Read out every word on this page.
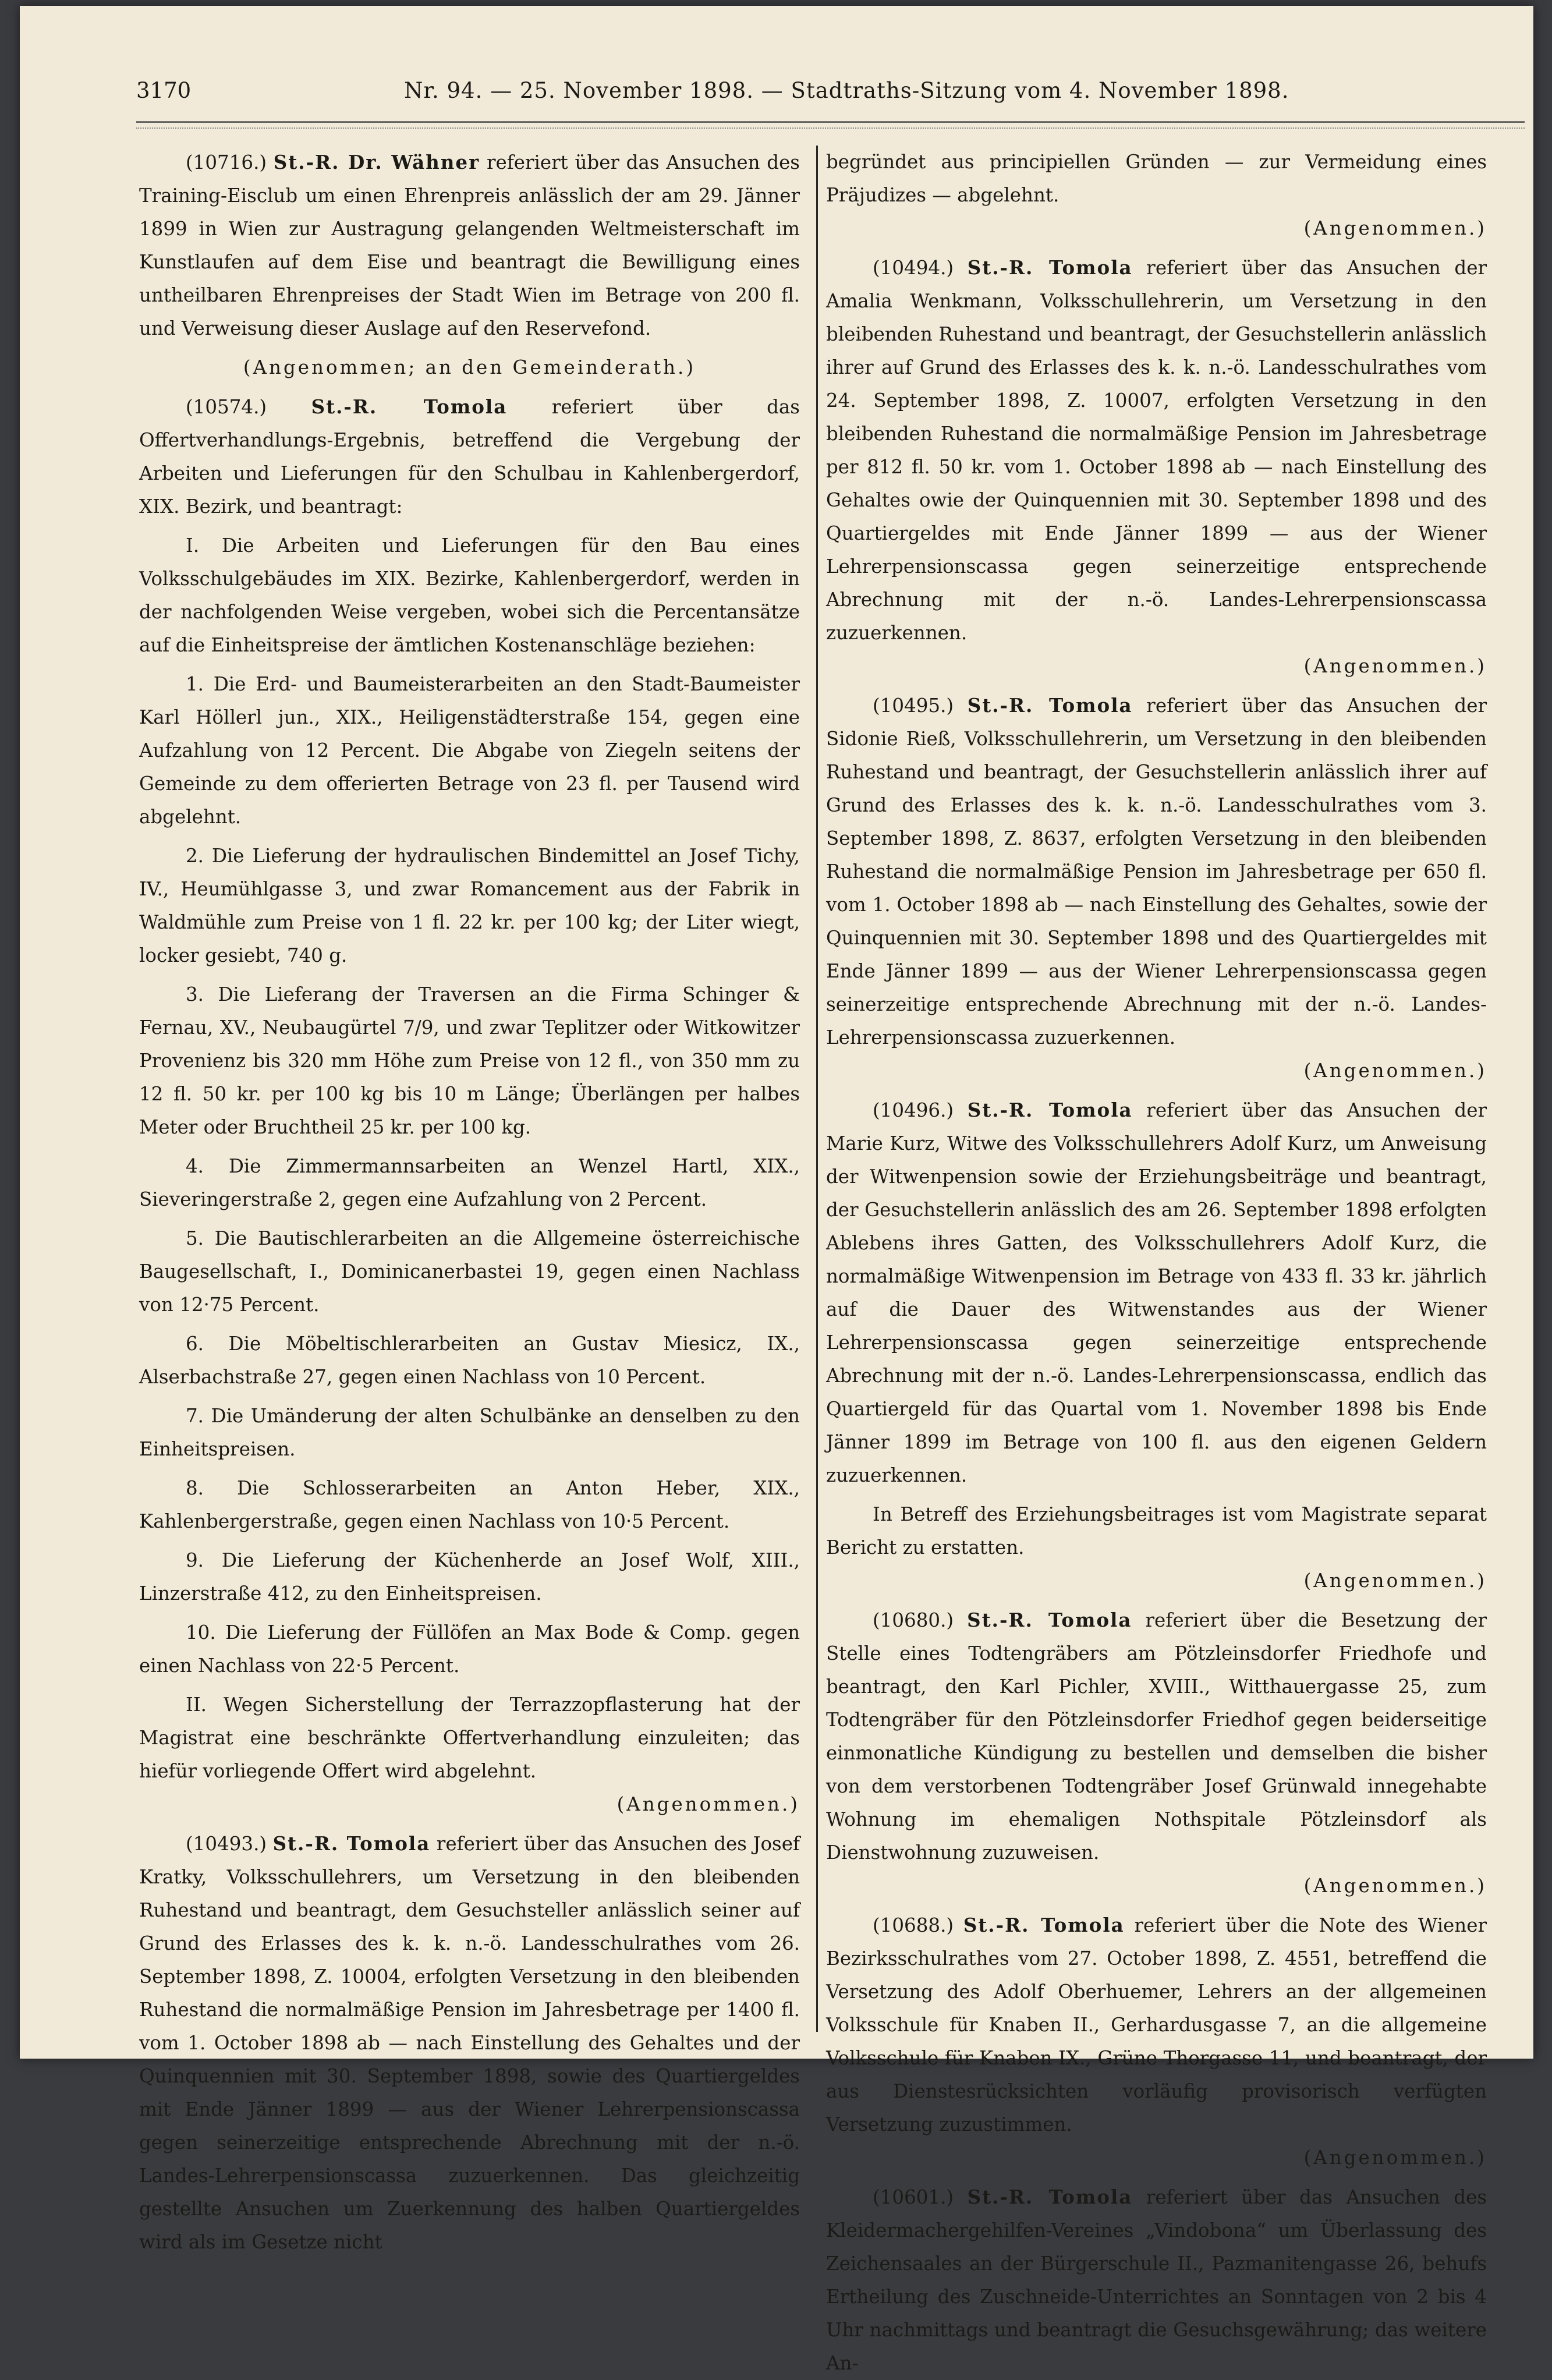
3170	Nr. 94. — 25. November 1898. — Stadtraths-Sitzung vom 4. November 1898.

(10716.) St.-R. Dr. Wähner referiert über das Ansuchen des Training-Eisclub um einen Ehrenpreis anlässlich der am 29. Jänner 1899 in Wien zur Austragung gelangenden Weltmeisterschaft im Kunstlaufen auf dem Eise und beantragt die Bewilligung eines untheilbaren Ehrenpreises der Stadt Wien im Betrage von 200 fl. und Verweisung dieser Auslage auf den Reservefond.

(Angenommen; an den Gemeinderath.)

(10574.) St.-R. Tomola referiert über das Offertverhandlungs-Ergebnis, betreffend die Vergebung der Arbeiten und Lieferungen für den Schulbau in Kahlenbergerdorf, XIX. Bezirk, und beantragt:

I. Die Arbeiten und Lieferungen für den Bau eines Volksschulgebäudes im XIX. Bezirke, Kahlenbergerdorf, werden in der nachfolgenden Weise vergeben, wobei sich die Percentansätze auf die Einheitspreise der ämtlichen Kostenanschläge beziehen:

1. Die Erd- und Baumeisterarbeiten an den Stadt-Baumeister Karl Höllerl jun., XIX., Heiligenstädterstraße 154, gegen eine Aufzahlung von 12 Percent. Die Abgabe von Ziegeln seitens der Gemeinde zu dem offerierten Betrage von 23 fl. per Tausend wird abgelehnt.

2. Die Lieferung der hydraulischen Bindemittel an Josef Tichy, IV., Heumühlgasse 3, und zwar Romancement aus der Fabrik in Waldmühle zum Preise von 1 fl. 22 kr. per 100 kg; der Liter wiegt, locker gesiebt, 740 g.

3. Die Lieferang der Traversen an die Firma Schinger & Fernau, XV., Neubaugürtel 7/9, und zwar Teplitzer oder Witkowitzer Provenienz bis 320 mm Höhe zum Preise von 12 fl., von 350 mm zu 12 fl. 50 kr. per 100 kg bis 10 m Länge; Überlängen per halbes Meter oder Bruchtheil 25 kr. per 100 kg.

4. Die Zimmermannsarbeiten an Wenzel Hartl, XIX., Sieveringerstraße 2, gegen eine Aufzahlung von 2 Percent.

5. Die Bautischlerarbeiten an die Allgemeine österreichische Baugesellschaft, I., Dominicanerbastei 19, gegen einen Nachlass von 12·75 Percent.

6. Die Möbeltischlerarbeiten an Gustav Miesicz, IX., Alserbachstraße 27, gegen einen Nachlass von 10 Percent.

7. Die Umänderung der alten Schulbänke an denselben zu den Einheitspreisen.

8. Die Schlosserarbeiten an Anton Heber, XIX., Kahlenbergerstraße, gegen einen Nachlass von 10·5 Percent.

9. Die Lieferung der Küchenherde an Josef Wolf, XIII., Linzerstraße 412, zu den Einheitspreisen.

10. Die Lieferung der Füllöfen an Max Bode & Comp. gegen einen Nachlass von 22·5 Percent.

II. Wegen Sicherstellung der Terrazzopflasterung hat der Magistrat eine beschränkte Offertverhandlung einzuleiten; das hiefür vorliegende Offert wird abgelehnt.
(Angenommen.)

(10493.) St.-R. Tomola referiert über das Ansuchen des Josef Kratky, Volksschullehrers, um Versetzung in den bleibenden Ruhestand und beantragt, dem Gesuchsteller anlässlich seiner auf Grund des Erlasses des k. k. n.-ö. Landesschulrathes vom 26. September 1898, Z. 10004, erfolgten Versetzung in den bleibenden Ruhestand die normalmäßige Pension im Jahresbetrage per 1400 fl. vom 1. October 1898 ab — nach Einstellung des Gehaltes und der Quinquennien mit 30. September 1898, sowie des Quartiergeldes mit Ende Jänner 1899 — aus der Wiener Lehrerpensionscassa gegen seinerzeitige entsprechende Abrechnung mit der n.-ö. Landes-Lehrerpensionscassa zuzuerkennen. Das gleichzeitig gestellte Ansuchen um Zuerkennung des halben Quartiergeldes wird als im Gesetze nicht

begründet aus principiellen Gründen — zur Vermeidung eines Präjudizes — abgelehnt.
(Angenommen.)

(10494.) St.-R. Tomola referiert über das Ansuchen der Amalia Wenkmann, Volksschullehrerin, um Versetzung in den bleibenden Ruhestand und beantragt, der Gesuchstellerin anlässlich ihrer auf Grund des Erlasses des k. k. n.-ö. Landesschulrathes vom 24. September 1898, Z. 10007, erfolgten Versetzung in den bleibenden Ruhestand die normalmäßige Pension im Jahresbetrage per 812 fl. 50 kr. vom 1. October 1898 ab — nach Einstellung des Gehaltes owie der Quinquennien mit 30. September 1898 und des Quartiergeldes mit Ende Jänner 1899 — aus der Wiener Lehrerpensionscassa gegen seinerzeitige entsprechende Abrechnung mit der n.-ö. Landes-Lehrerpensionscassa zuzuerkennen.
(Angenommen.)

(10495.) St.-R. Tomola referiert über das Ansuchen der Sidonie Rieß, Volksschullehrerin, um Versetzung in den bleibenden Ruhestand und beantragt, der Gesuchstellerin anlässlich ihrer auf Grund des Erlasses des k. k. n.-ö. Landesschulrathes vom 3. September 1898, Z. 8637, erfolgten Versetzung in den bleibenden Ruhestand die normalmäßige Pension im Jahresbetrage per 650 fl. vom 1. October 1898 ab — nach Einstellung des Gehaltes, sowie der Quinquennien mit 30. September 1898 und des Quartiergeldes mit Ende Jänner 1899 — aus der Wiener Lehrerpensionscassa gegen seinerzeitige entsprechende Abrechnung mit der n.-ö. Landes-Lehrerpensionscassa zuzuerkennen.
(Angenommen.)

(10496.) St.-R. Tomola referiert über das Ansuchen der Marie Kurz, Witwe des Volksschullehrers Adolf Kurz, um Anweisung der Witwenpension sowie der Erziehungsbeiträge und beantragt, der Gesuchstellerin anlässlich des am 26. September 1898 erfolgten Ablebens ihres Gatten, des Volksschullehrers Adolf Kurz, die normalmäßige Witwenpension im Betrage von 433 fl. 33 kr. jährlich auf die Dauer des Witwenstandes aus der Wiener Lehrerpensionscassa gegen seinerzeitige entsprechende Abrechnung mit der n.-ö. Landes-Lehrerpensionscassa, endlich das Quartiergeld für das Quartal vom 1. November 1898 bis Ende Jänner 1899 im Betrage von 100 fl. aus den eigenen Geldern zuzuerkennen.

In Betreff des Erziehungsbeitrages ist vom Magistrate separat Bericht zu erstatten.
(Angenommen.)

(10680.) St.-R. Tomola referiert über die Besetzung der Stelle eines Todtengräbers am Pötzleinsdorfer Friedhofe und beantragt, den Karl Pichler, XVIII., Witthauergasse 25, zum Todtengräber für den Pötzleinsdorfer Friedhof gegen beiderseitige einmonatliche Kündigung zu bestellen und demselben die bisher von dem verstorbenen Todtengräber Josef Grünwald innegehabte Wohnung im ehemaligen Nothspitale Pötzleinsdorf als Dienstwohnung zuzuweisen.
(Angenommen.)

(10688.) St.-R. Tomola referiert über die Note des Wiener Bezirksschulrathes vom 27. October 1898, Z. 4551, betreffend die Versetzung des Adolf Oberhuemer, Lehrers an der allgemeinen Volksschule für Knaben II., Gerhardusgasse 7, an die allgemeine Volksschule für Knaben IX., Grüne Thorgasse 11, und beantragt, der aus Dienstesrücksichten vorläufig provisorisch verfügten Versetzung zuzustimmen.
(Angenommen.)

(10601.) St.-R. Tomola referiert über das Ansuchen des Kleidermachergehilfen-Vereines „Vindobona“ um Überlassung des Zeichensaales an der Bürgerschule II., Pazmanitengasse 26, behufs Ertheilung des Zuschneide-Unterrichtes an Sonntagen von 2 bis 4 Uhr nachmittags und beantragt die Gesuchsgewährung; das weitere An-
